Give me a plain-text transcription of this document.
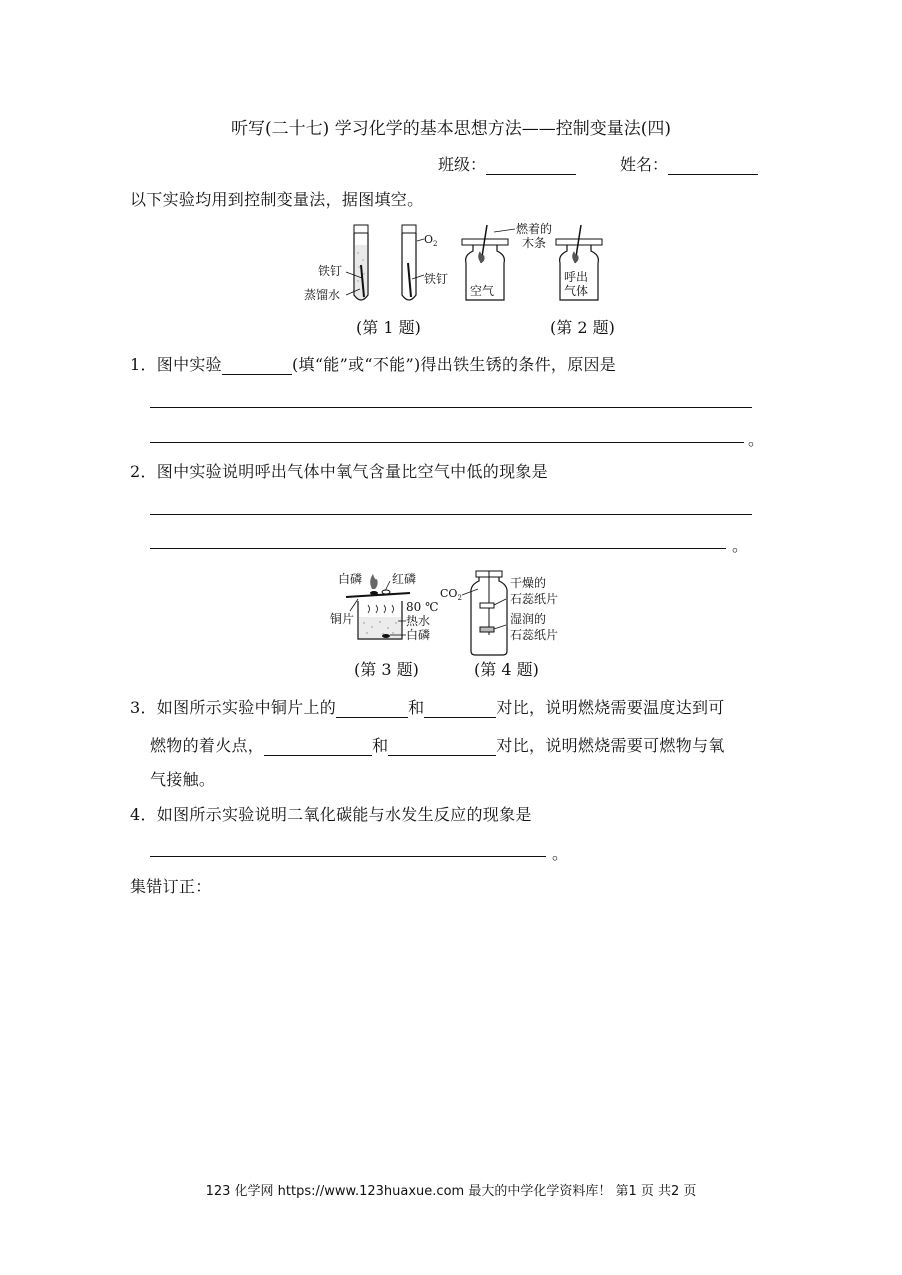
听写(二十七) 学习化学的基本思想方法——控制变量法(四)
班级：	姓名：
以下实验均用到控制变量法，据图填空。
铁钉
蒸馏水
$O_2$
铁钉
空气
燃着的
木条
呼出
气体
(第 1 题)	(第 2 题)
1．图中实验	(填“能”或“不能”)得出铁生锈的条件，原因是
。
2．图中实验说明呼出气体中氧气含量比空气中低的现象是
。
白磷 红磷
铜片
80 ℃
热水
白磷
$CO_2$
干燥的
石蕊纸片
湿润的
石蕊纸片
(第 3 题)	(第 4 题)
3．如图所示实验中铜片上的	和	对比，说明燃烧需要温度达到可
燃物的着火点，	和	对比，说明燃烧需要可燃物与氧
气接触。
4．如图所示实验说明二氧化碳能与水发生反应的现象是
。
集错订正：
123 化学网 https://www.123huaxue.com 最大的中学化学资料库！ 第1 页 共2 页
